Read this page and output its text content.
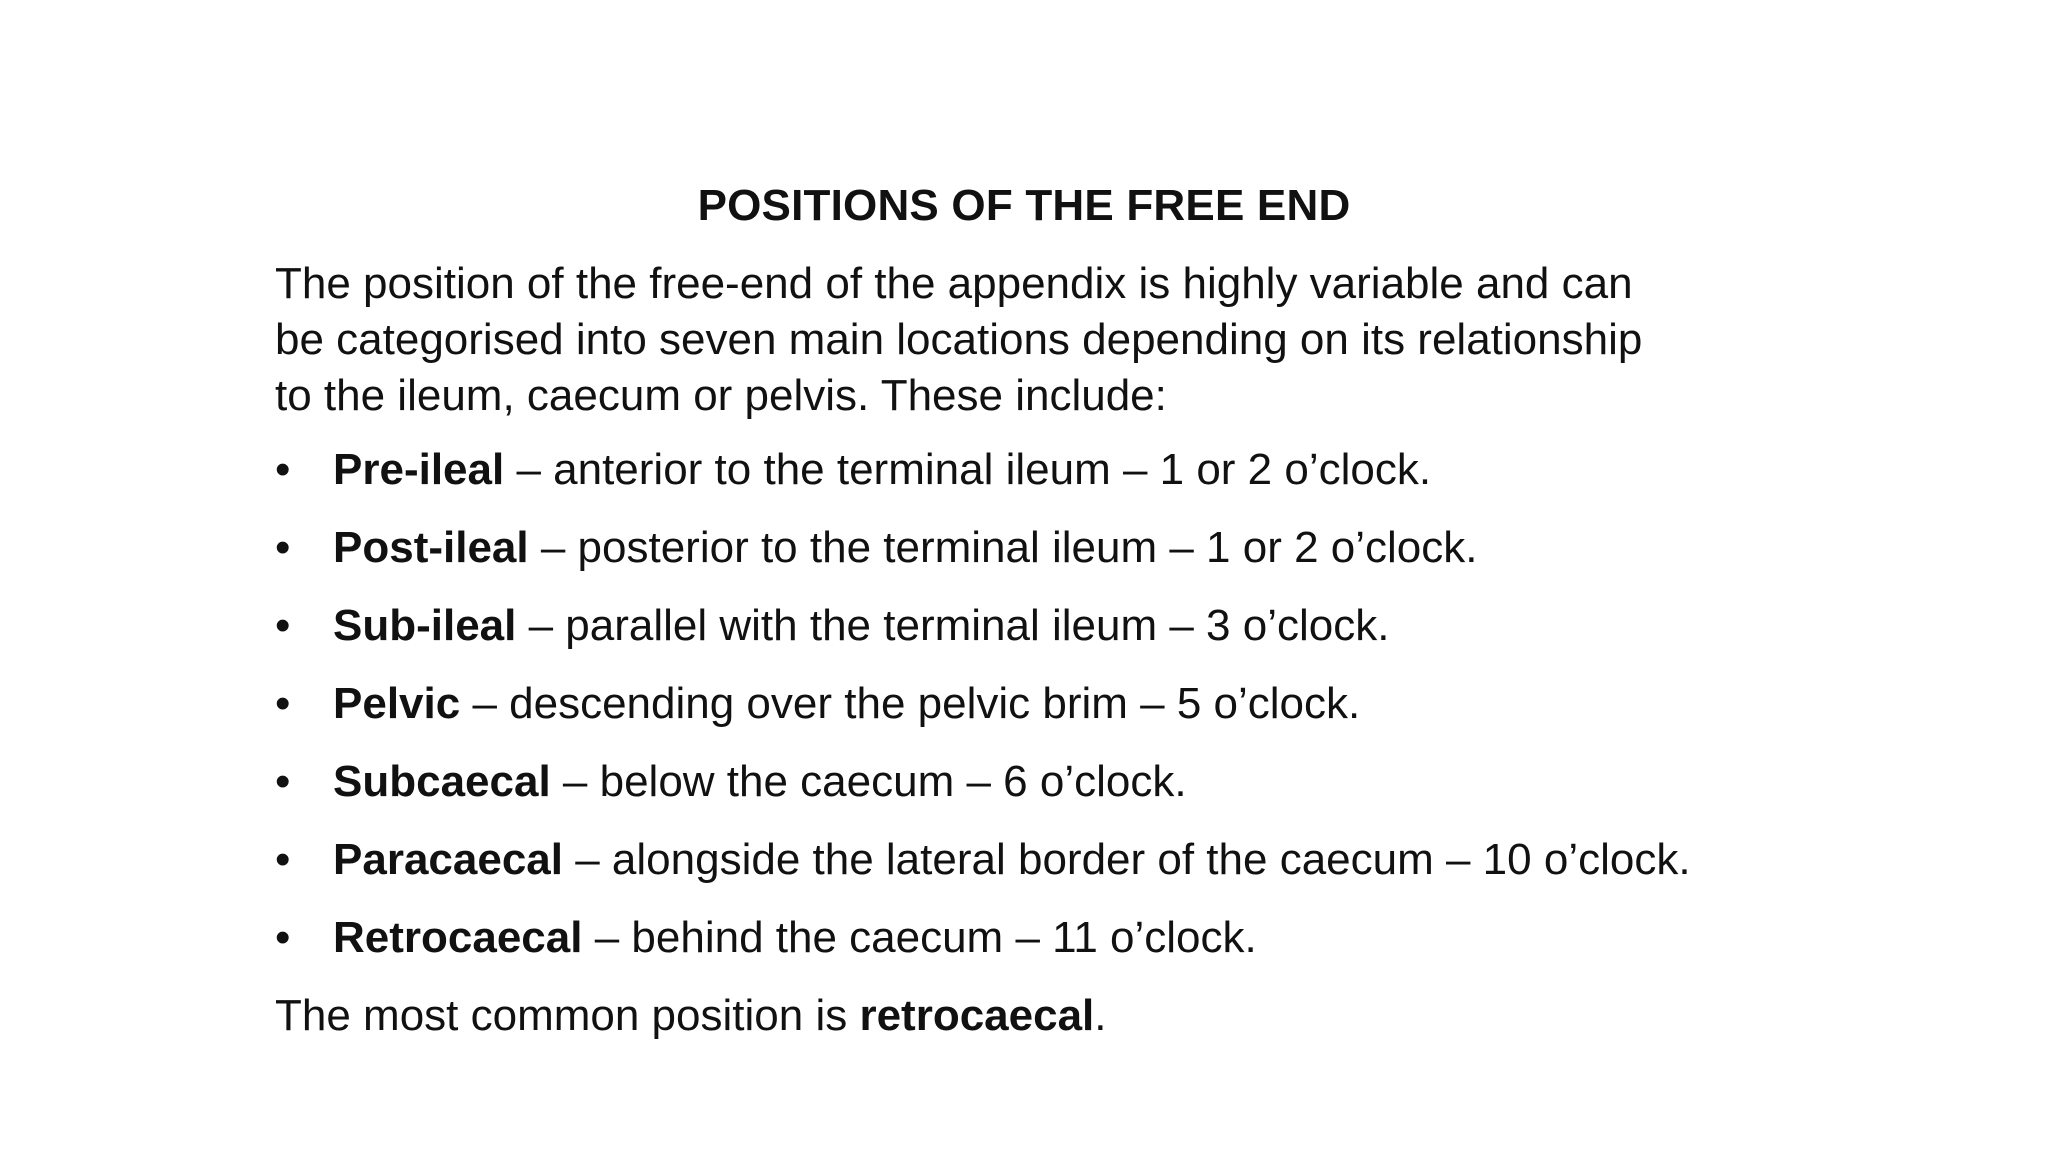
POSITIONS OF THE FREE END
The position of the free-end of the appendix is highly variable and can
be categorised into seven main locations depending on its relationship
to the ileum, caecum or pelvis. These include:
• Pre-ileal – anterior to the terminal ileum – 1 or 2 o’clock.
• Post-ileal – posterior to the terminal ileum – 1 or 2 o’clock.
• Sub-ileal – parallel with the terminal ileum – 3 o’clock.
• Pelvic – descending over the pelvic brim – 5 o’clock.
• Subcaecal – below the caecum – 6 o’clock.
• Paracaecal – alongside the lateral border of the caecum – 10 o’clock.
• Retrocaecal – behind the caecum – 11 o’clock.
The most common position is retrocaecal.
